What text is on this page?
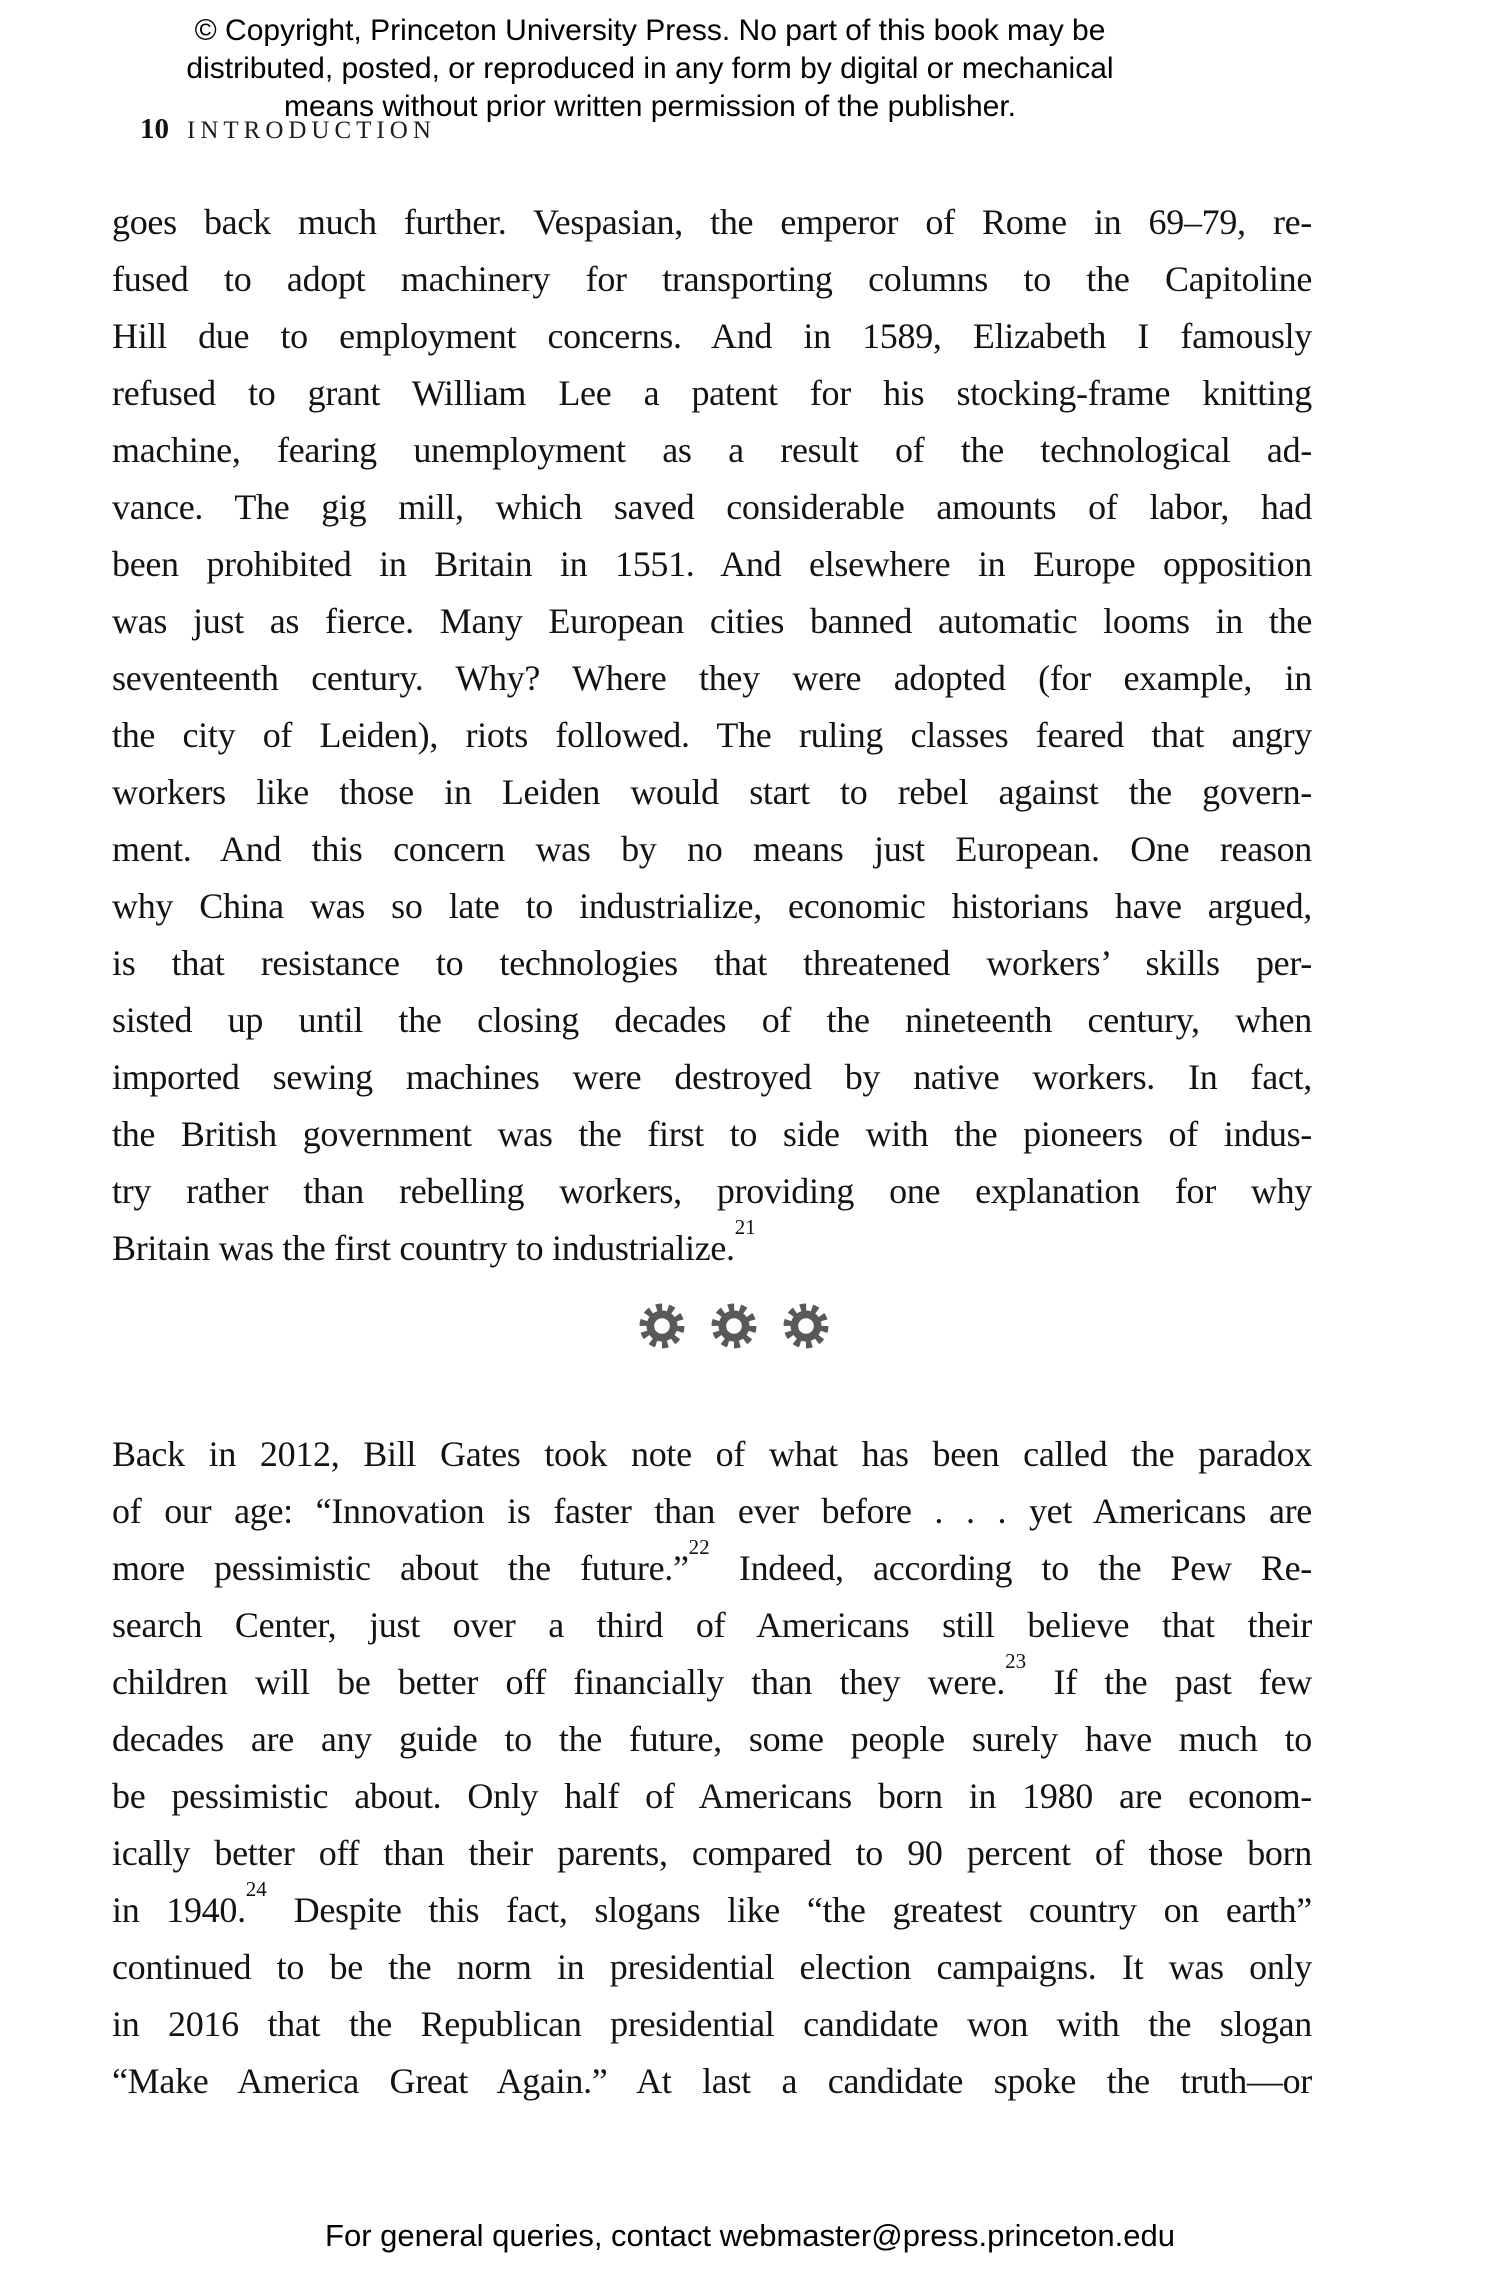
© Copyright, Princeton University Press. No part of this book may be
distributed, posted, or reproduced in any form by digital or mechanical
means without prior written permission of the publisher.
10 INTRODUCTION
goes back much further. Vespasian, the emperor of Rome in 69–79, re-
fused to adopt machinery for transporting columns to the Capitoline
Hill due to employment concerns. And in 1589, Elizabeth I famously
refused to grant William Lee a patent for his stocking-frame knitting
machine, fearing unemployment as a result of the technological ad-
vance. The gig mill, which saved considerable amounts of labor, had
been prohibited in Britain in 1551. And elsewhere in Europe opposition
was just as fierce. Many European cities banned automatic looms in the
seventeenth century. Why? Where they were adopted (for example, in
the city of Leiden), riots followed. The ruling classes feared that angry
workers like those in Leiden would start to rebel against the govern-
ment. And this concern was by no means just European. One reason
why China was so late to industrialize, economic historians have argued,
is that resistance to technologies that threatened workers’ skills per-
sisted up until the closing decades of the nineteenth century, when
imported sewing machines were destroyed by native workers. In fact,
the British government was the first to side with the pioneers of indus-
try rather than rebelling workers, providing one explanation for why
Britain was the first country to industrialize.$^{21}$
Back in 2012, Bill Gates took note of what has been called the paradox
of our age: “Innovation is faster than ever before . . . yet Americans are
more pessimistic about the future.”$^{22}$ Indeed, according to the Pew Re-
search Center, just over a third of Americans still believe that their
children will be better off financially than they were.$^{23}$ If the past few
decades are any guide to the future, some people surely have much to
be pessimistic about. Only half of Americans born in 1980 are econom-
ically better off than their parents, compared to 90 percent of those born
in 1940.24 Despite this fact, slogans like “the greatest country on earth”
continued to be the norm in presidential election campaigns. It was only
in 2016 that the Republican presidential candidate won with the slogan
“Make America Great Again.” At last a candidate spoke the truth—or
For general queries, contact webmaster@press.princeton.edu
